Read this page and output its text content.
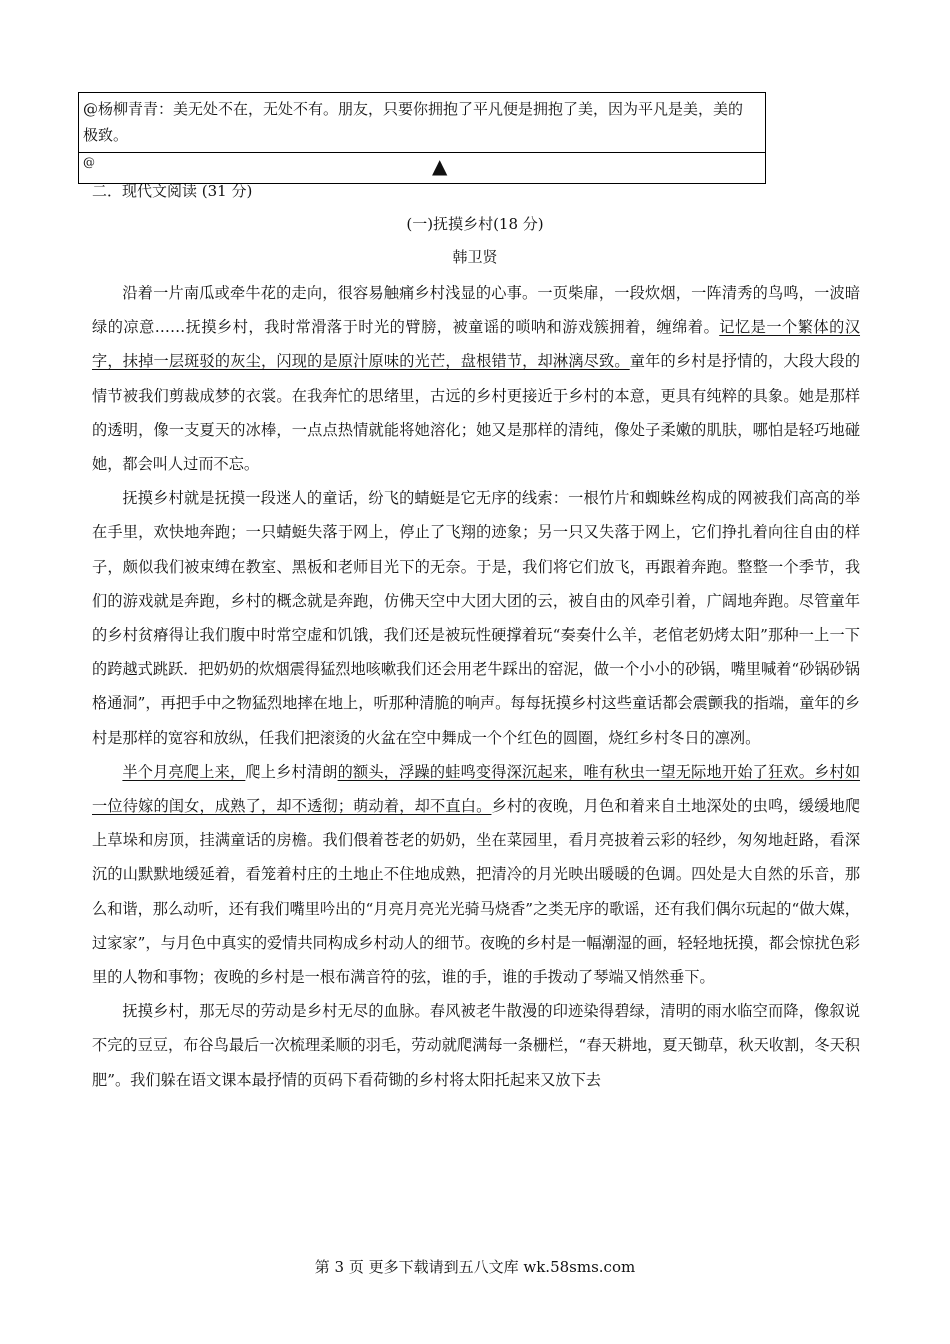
@杨柳青青：美无处不在，无处不有。朋友，只要你拥抱了平凡便是拥抱了美，因为平凡是美，美的极致。
@	▲
二．现代文阅读 (31 分)
(一)抚摸乡村(18 分)
韩卫贤

沿着一片南瓜或牵牛花的走向，很容易触痛乡村浅显的心事。一页柴扉，一段炊烟，一阵清秀的鸟鸣，一波暗绿的凉意……抚摸乡村，我时常滑落于时光的臂膀，被童谣的唢呐和游戏簇拥着，缠绵着。记忆是一个繁体的汉字，抹掉一层斑驳的灰尘，闪现的是原汁原味的光芒，盘根错节，却淋漓尽致。童年的乡村是抒情的，大段大段的情节被我们剪裁成梦的衣裳。在我奔忙的思绪里，古远的乡村更接近于乡村的本意，更具有纯粹的具象。她是那样的透明，像一支夏天的冰棒，一点点热情就能将她溶化；她又是那样的清纯，像处子柔嫩的肌肤，哪怕是轻巧地碰她，都会叫人过而不忘。

抚摸乡村就是抚摸一段迷人的童话，纷飞的蜻蜓是它无序的线索：一根竹片和蜘蛛丝构成的网被我们高高的举在手里，欢快地奔跑；一只蜻蜓失落于网上，停止了飞翔的迹象；另一只又失落于网上，它们挣扎着向往自由的样子，颇似我们被束缚在教室、黑板和老师目光下的无奈。于是，我们将它们放飞，再跟着奔跑。整整一个季节，我们的游戏就是奔跑，乡村的概念就是奔跑，仿佛天空中大团大团的云，被自由的风牵引着，广阔地奔跑。尽管童年的乡村贫瘠得让我们腹中时常空虚和饥饿，我们还是被玩性硬撑着玩“奏奏什么羊，老倌老奶烤太阳”那种一上一下的跨越式跳跃．把奶奶的炊烟震得猛烈地咳嗽我们还会用老牛踩出的窑泥，做一个小小的砂锅，嘴里喊着“砂锅砂锅格通洞”，再把手中之物猛烈地摔在地上，听那种清脆的响声。每每抚摸乡村这些童话都会震颤我的指端，童年的乡村是那样的宽容和放纵，任我们把滚烫的火盆在空中舞成一个个红色的圆圈，烧红乡村冬日的凛冽。

半个月亮爬上来，爬上乡村清朗的额头，浮躁的蛙鸣变得深沉起来，唯有秋虫一望无际地开始了狂欢。乡村如一位待嫁的闺女，成熟了，却不透彻；萌动着，却不直白。乡村的夜晚，月色和着来自土地深处的虫鸣，缓缓地爬上草垛和房顶，挂满童话的房檐。我们偎着苍老的奶奶，坐在菜园里，看月亮披着云彩的轻纱，匆匆地赶路，看深沉的山默默地缓延着，看笼着村庄的土地止不住地成熟，把清冷的月光映出暖暖的色调。四处是大自然的乐音，那么和谐，那么动听，还有我们嘴里吟出的“月亮月亮光光骑马烧香”之类无序的歌谣，还有我们偶尔玩起的“做大媒，过家家”，与月色中真实的爱情共同构成乡村动人的细节。夜晚的乡村是一幅潮湿的画，轻轻地抚摸，都会惊扰色彩里的人物和事物；夜晚的乡村是一根布满音符的弦，谁的手，谁的手拨动了琴端又悄然垂下。

抚摸乡村，那无尽的劳动是乡村无尽的血脉。春风被老牛散漫的印迹染得碧绿，清明的雨水临空而降，像叙说不完的豆豆，布谷鸟最后一次梳理柔顺的羽毛，劳动就爬满每一条栅栏，“春天耕地，夏天锄草，秋天收割，冬天积肥”。我们躲在语文课本最抒情的页码下看荷锄的乡村将太阳托起来又放下去

第 3 页 更多下载请到五八文库 wk.58sms.com
